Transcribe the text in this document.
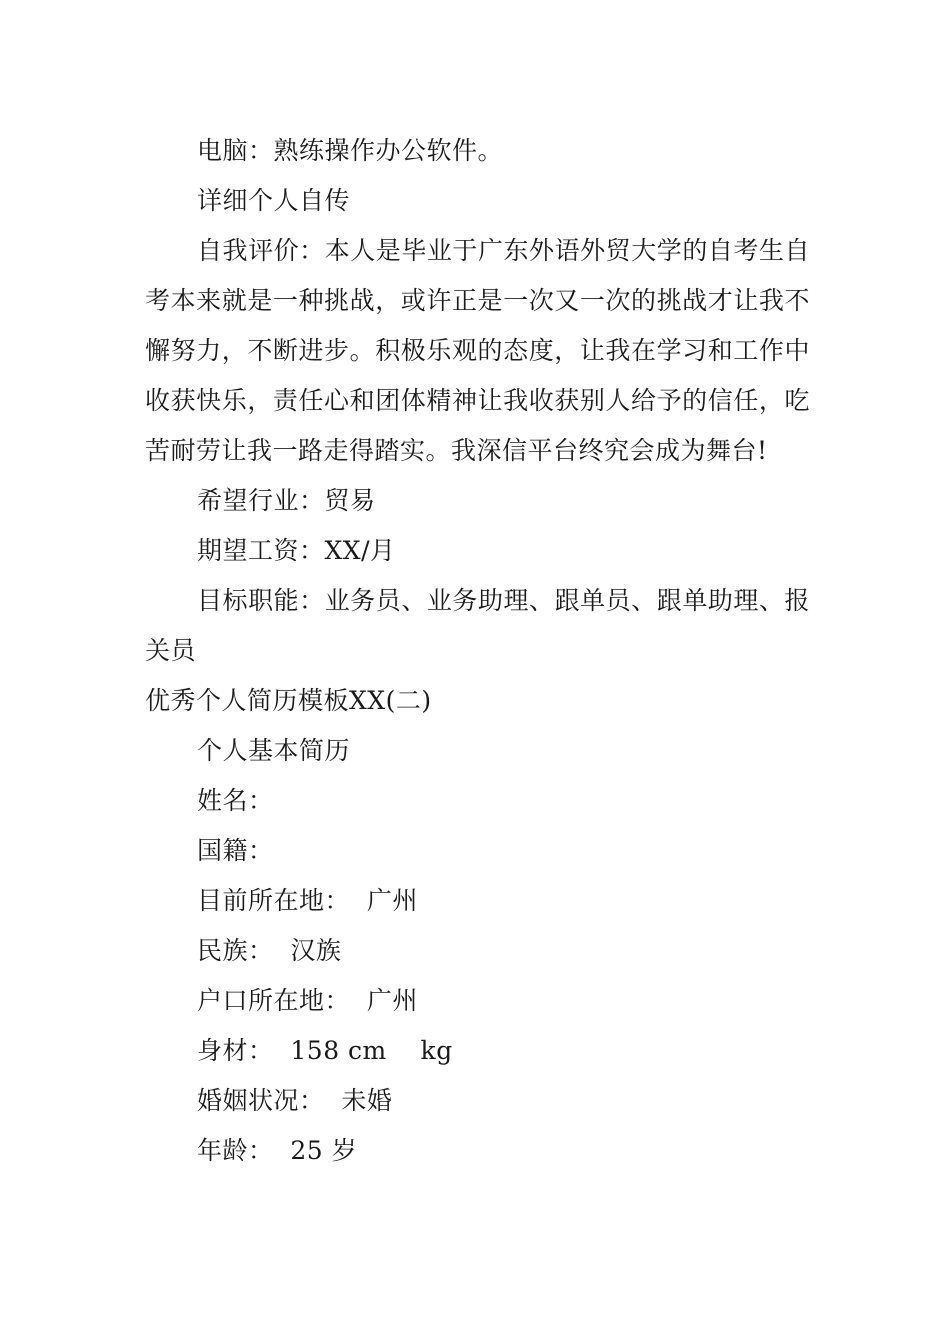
电脑：熟练操作办公软件。

详细个人自传

自我评价：本人是毕业于广东外语外贸大学的自考生自考本来就是一种挑战，或许正是一次又一次的挑战才让我不懈努力，不断进步。积极乐观的态度，让我在学习和工作中收获快乐，责任心和团体精神让我收获别人给予的信任，吃苦耐劳让我一路走得踏实。我深信平台终究会成为舞台!

希望行业：贸易

期望工资：XX/月

目标职能：业务员、业务助理、跟单员、跟单助理、报关员

优秀个人简历模板XX(二)

个人基本简历

姓名：

国籍：

目前所在地：  广州

民族：  汉族

户口所在地：  广州

身材：  158 cm    kg

婚姻状况：  未婚

年龄：  25 岁
